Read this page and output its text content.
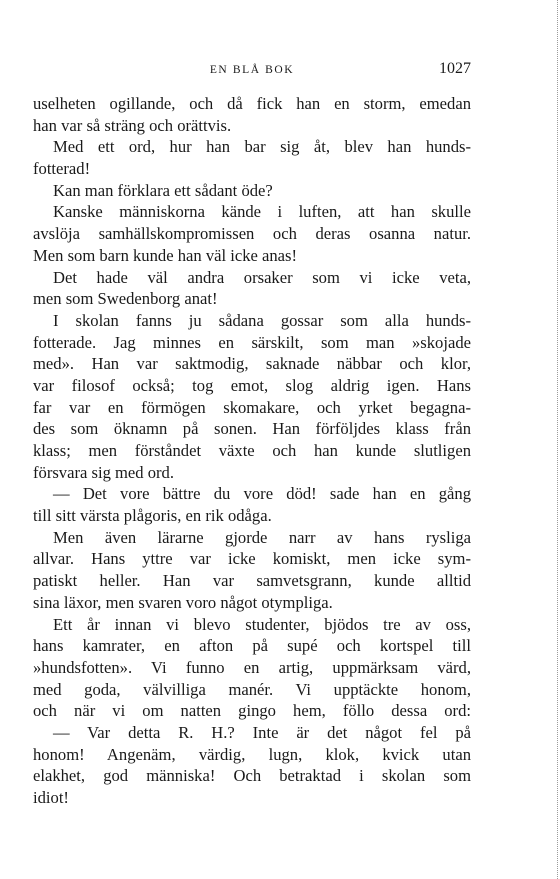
EN BLÅ BOK	1027
uselheten ogillande, och då fick han en storm, emedan
han var så sträng och orättvis.
Med ett ord, hur han bar sig åt, blev han hunds-
fotterad!
Kan man förklara ett sådant öde?
Kanske människorna kände i luften, att han skulle
avslöja samhällskompromissen och deras osanna natur.
Men som barn kunde han väl icke anas!
Det hade väl andra orsaker som vi icke veta,
men som Swedenborg anat!
I skolan fanns ju sådana gossar som alla hunds-
fotterade. Jag minnes en särskilt, som man »skojade
med». Han var saktmodig, saknade näbbar och klor,
var filosof också; tog emot, slog aldrig igen. Hans
far var en förmögen skomakare, och yrket begagna-
des som öknamn på sonen. Han förföljdes klass från
klass; men förståndet växte och han kunde slutligen
försvara sig med ord.
— Det vore bättre du vore död! sade han en gång
till sitt värsta plågoris, en rik odåga.
Men även lärarne gjorde narr av hans rysliga
allvar. Hans yttre var icke komiskt, men icke sym-
patiskt heller. Han var samvetsgrann, kunde alltid
sina läxor, men svaren voro något otympliga.
Ett år innan vi blevo studenter, bjödos tre av oss,
hans kamrater, en afton på supé och kortspel till
»hundsfotten». Vi funno en artig, uppmärksam värd,
med goda, välvilliga manér. Vi upptäckte honom,
och när vi om natten gingo hem, föllo dessa ord:
— Var detta R. H.? Inte är det något fel på
honom! Angenäm, värdig, lugn, klok, kvick utan
elakhet, god människa! Och betraktad i skolan som
idiot!
